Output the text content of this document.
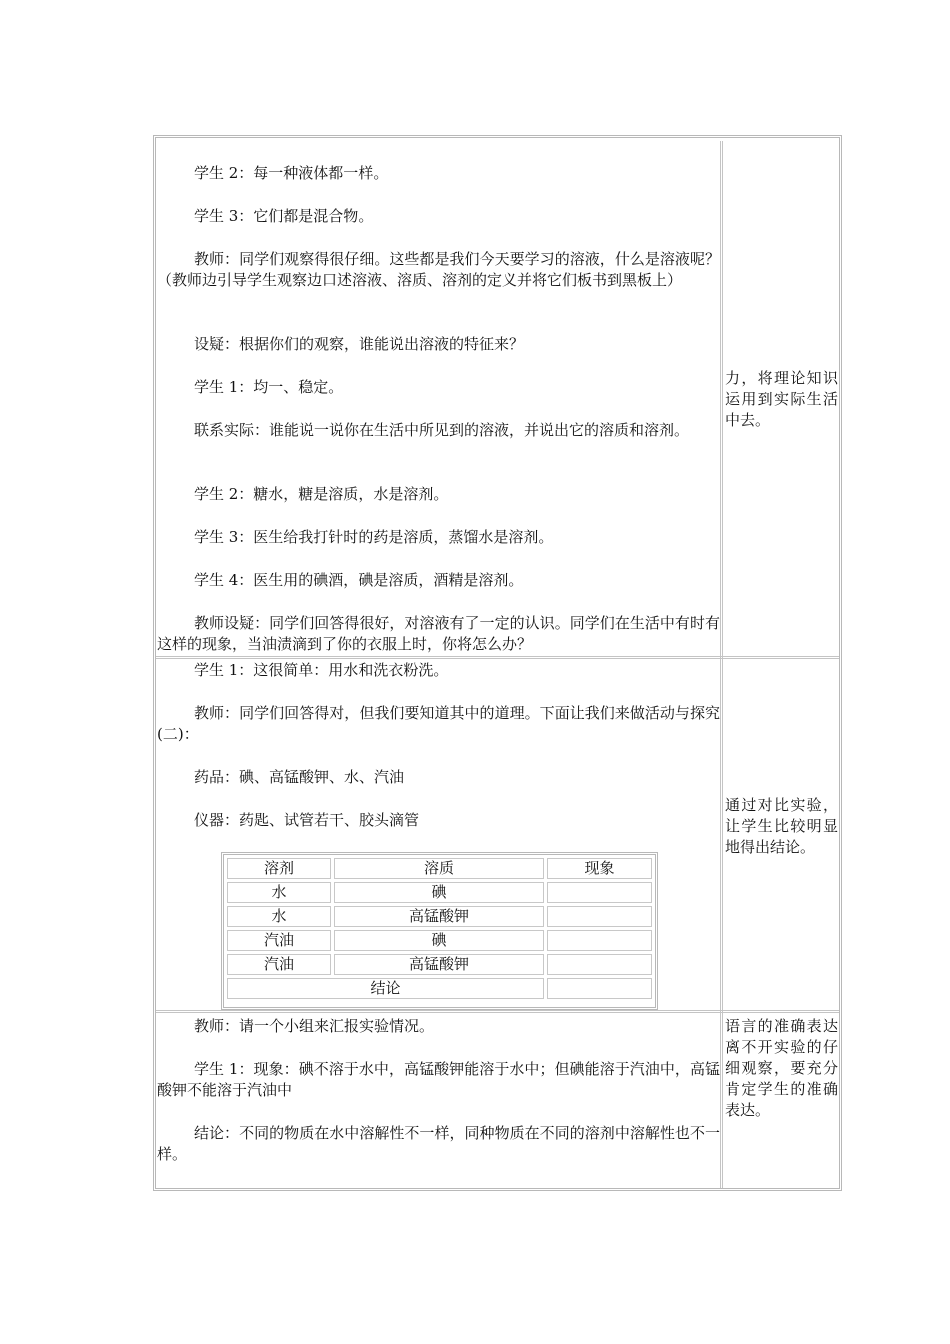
学生 2：每一种液体都一样。

学生 3：它们都是混合物。

教师：同学们观察得很仔细。这些都是我们今天要学习的溶液，什么是溶液呢？（教师边引导学生观察边口述溶液、溶质、溶剂的定义并将它们板书到黑板上）

设疑：根据你们的观察，谁能说出溶液的特征来？

学生 1：均一、稳定。

联系实际：谁能说一说你在生活中所见到的溶液，并说出它的溶质和溶剂。

学生 2：糖水，糖是溶质，水是溶剂。

学生 3：医生给我打针时的药是溶质，蒸馏水是溶剂。

学生 4：医生用的碘酒，碘是溶质，酒精是溶剂。

教师设疑：同学们回答得很好，对溶液有了一定的认识。同学们在生活中有时有这样的现象，当油渍滴到了你的衣服上时，你将怎么办？

力，将理论知识运用到实际生活中去。

学生 1：这很简单：用水和洗衣粉洗。

教师：同学们回答得对，但我们要知道其中的道理。下面让我们来做活动与探究(二)：

药品：碘、高锰酸钾、水、汽油

仪器：药匙、试管若干、胶头滴管

溶剂	溶质	现象
水	碘	
水	高锰酸钾	
汽油	碘	
汽油	高锰酸钾	
结论		
通过对比实验，让学生比较明显地得出结论。

教师：请一个小组来汇报实验情况。

学生 1：现象：碘不溶于水中，高锰酸钾能溶于水中；但碘能溶于汽油中，高锰酸钾不能溶于汽油中

结论：不同的物质在水中溶解性不一样，同种物质在不同的溶剂中溶解性也不一样。

语言的准确表达离不开实验的仔细观察，要充分肯定学生的准确表达。
